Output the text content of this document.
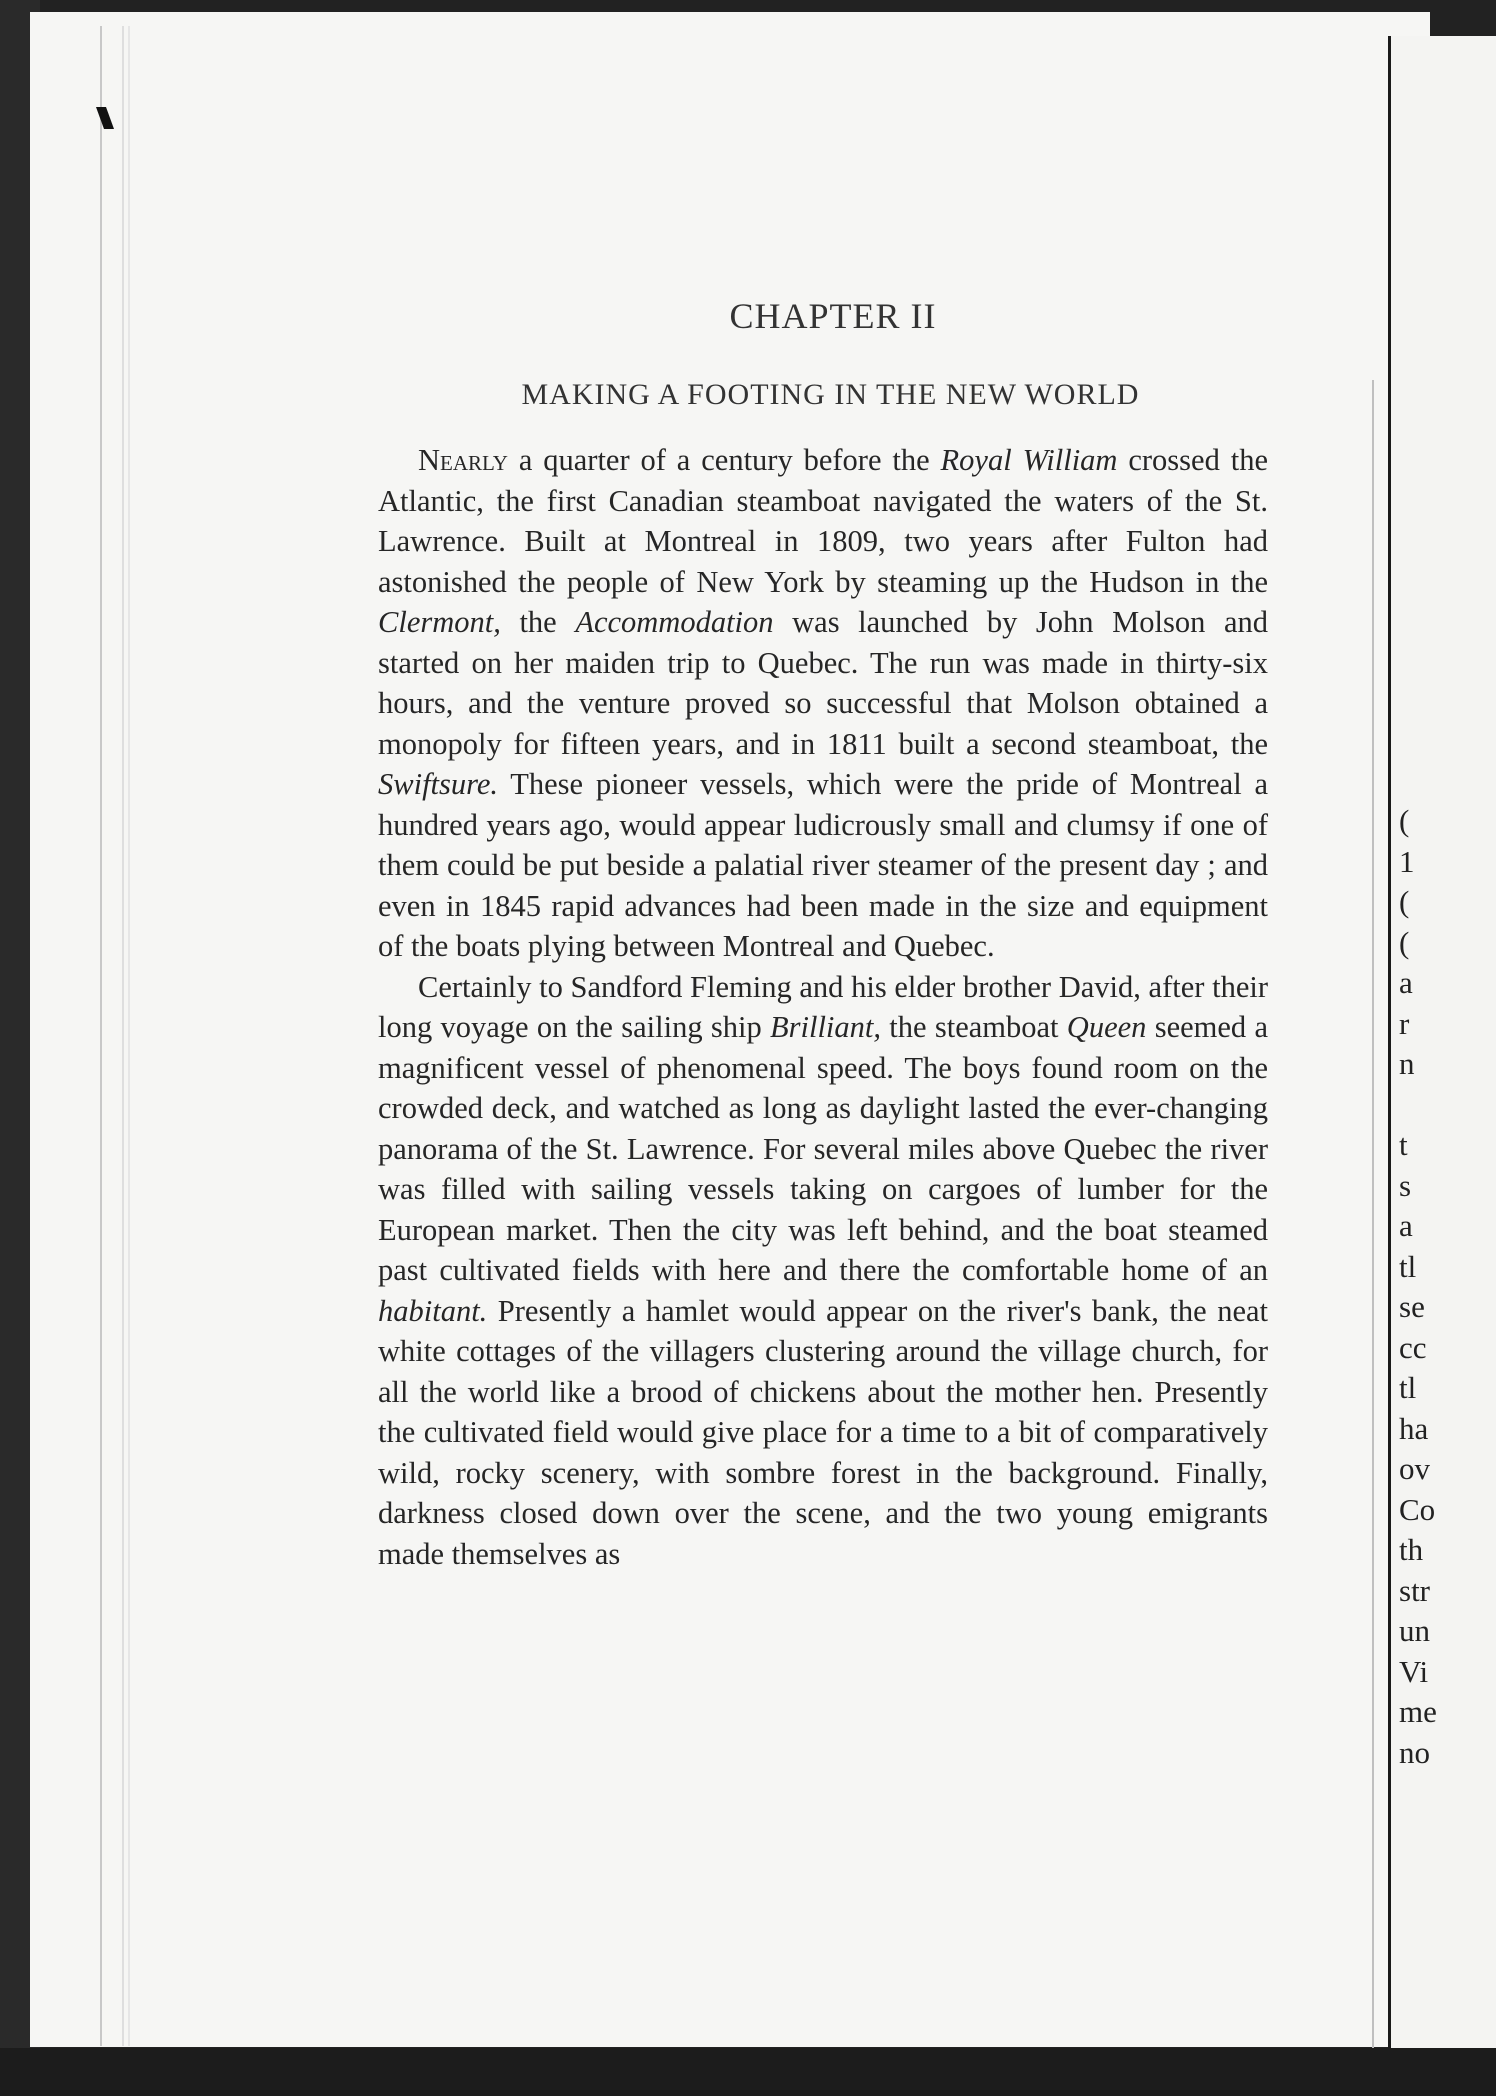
(
1
(
(
a
r
n
t
s
a
tl
se
cc
tl
ha
ov
Co
th
str
un
Vi
me
no
CHAPTER II
MAKING A FOOTING IN THE NEW WORLD

Nearly a quarter of a century before the Royal William crossed the Atlantic, the first Canadian steamboat navigated the waters of the St. Lawrence. Built at Montreal in 1809, two years after Fulton had astonished the people of New York by steaming up the Hudson in the Clermont, the Accommodation was launched by John Molson and started on her maiden trip to Quebec. The run was made in thirty-six hours, and the venture proved so successful that Molson obtained a monopoly for fifteen years, and in 1811 built a second steamboat, the Swiftsure. These pioneer vessels, which were the pride of Montreal a hundred years ago, would appear ludicrously small and clumsy if one of them could be put beside a palatial river steamer of the present day ; and even in 1845 rapid advances had been made in the size and equipment of the boats plying between Montreal and Quebec.

Certainly to Sandford Fleming and his elder brother David, after their long voyage on the sailing ship Brilliant, the steamboat Queen seemed a magnificent vessel of phenomenal speed. The boys found room on the crowded deck, and watched as long as daylight lasted the ever-changing panorama of the St. Lawrence. For several miles above Quebec the river was filled with sailing vessels taking on cargoes of lumber for the European market. Then the city was left behind, and the boat steamed past cultivated fields with here and there the comfortable home of an habitant. Presently a hamlet would appear on the river's bank, the neat white cottages of the villagers clustering around the village church, for all the world like a brood of chickens about the mother hen. Presently the cultivated field would give place for a time to a bit of comparatively wild, rocky scenery, with sombre forest in the background. Finally, darkness closed down over the scene, and the two young emigrants made themselves as
